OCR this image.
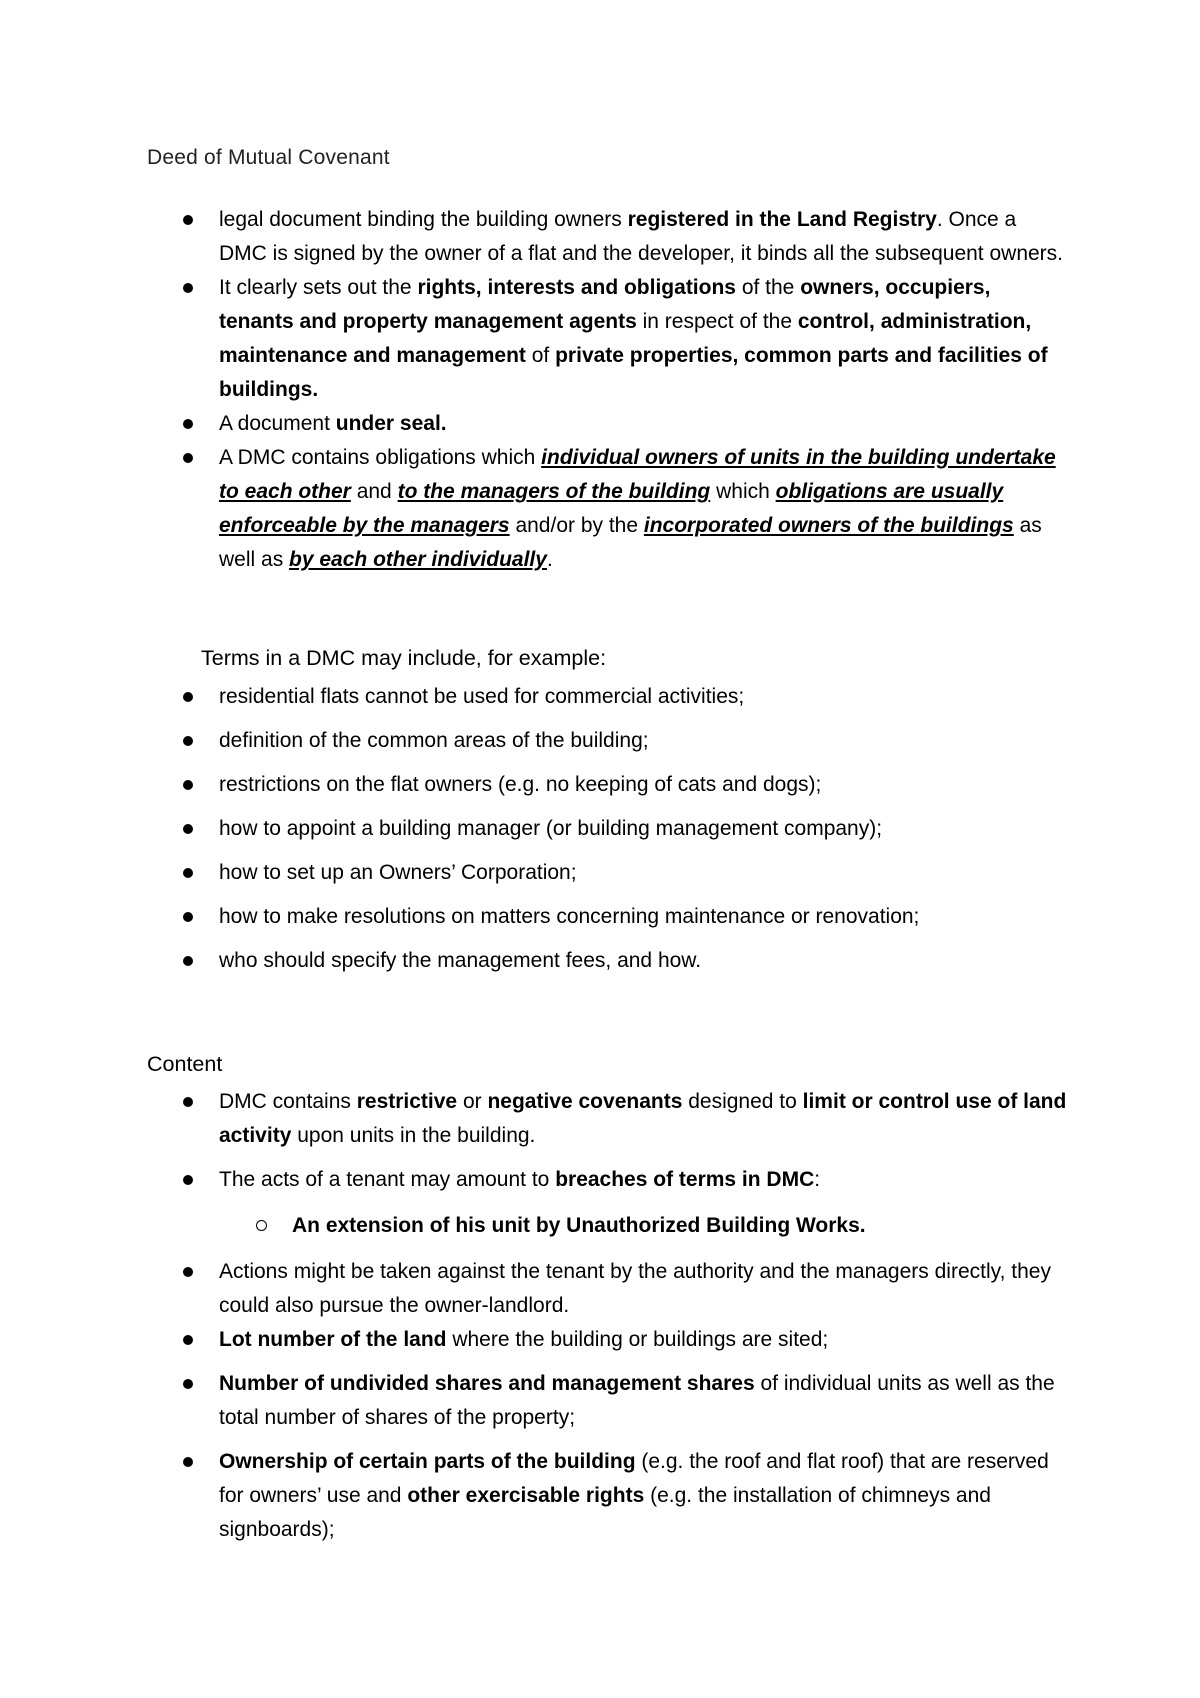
Deed of Mutual Covenant
legal document binding the building owners registered in the Land Registry. Once a DMC is signed by the owner of a flat and the developer, it binds all the subsequent owners.
It clearly sets out the rights, interests and obligations of the owners, occupiers, tenants and property management agents in respect of the control, administration, maintenance and management of private properties, common parts and facilities of buildings.
A document under seal.
A DMC contains obligations which individual owners of units in the building undertake to each other and to the managers of the building which obligations are usually enforceable by the managers and/or by the incorporated owners of the buildings as well as by each other individually.
Terms in a DMC may include, for example:
residential flats cannot be used for commercial activities;
definition of the common areas of the building;
restrictions on the flat owners (e.g. no keeping of cats and dogs);
how to appoint a building manager (or building management company);
how to set up an Owners’ Corporation;
how to make resolutions on matters concerning maintenance or renovation;
who should specify the management fees, and how.
Content
DMC contains restrictive or negative covenants designed to limit or control use of land activity upon units in the building.
The acts of a tenant may amount to breaches of terms in DMC:
An extension of his unit by Unauthorized Building Works.
Actions might be taken against the tenant by the authority and the managers directly, they could also pursue the owner-landlord.
Lot number of the land where the building or buildings are sited;
Number of undivided shares and management shares of individual units as well as the total number of shares of the property;
Ownership of certain parts of the building (e.g. the roof and flat roof) that are reserved for owners’ use and other exercisable rights (e.g. the installation of chimneys and signboards);
